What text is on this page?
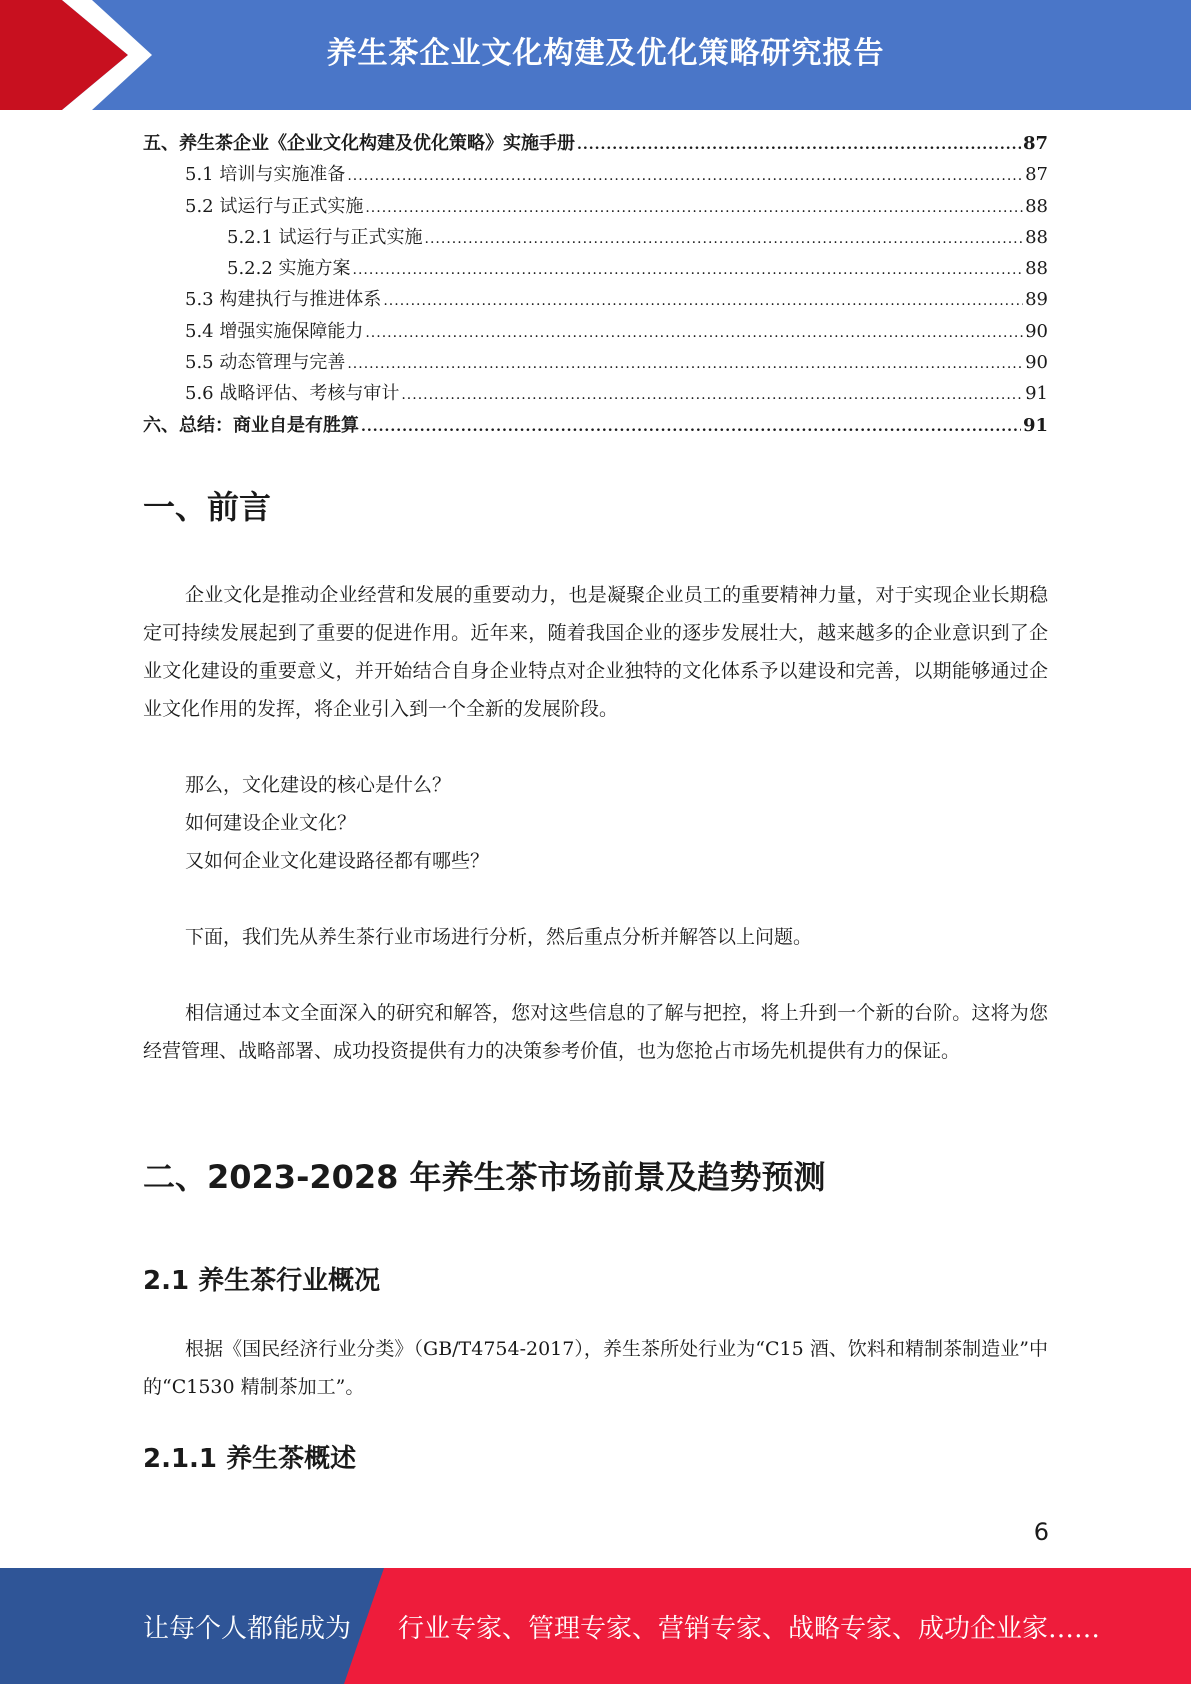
养生茶企业文化构建及优化策略研究报告
五、养生茶企业《企业文化构建及优化策略》实施手册 .....	87
5.1 培训与实施准备 .....	87
5.2 试运行与正式实施 .....	88
5.2.1 试运行与正式实施 .....	88
5.2.2 实施方案 .....	88
5.3 构建执行与推进体系 .....	89
5.4 增强实施保障能力 .....	90
5.5 动态管理与完善 .....	90
5.6 战略评估、考核与审计 .....	91
六、总结：商业自是有胜算 .....	91
一、前言

企业文化是推动企业经营和发展的重要动力，也是凝聚企业员工的重要精神力量，对于实现企业长期稳定可持续发展起到了重要的促进作用。近年来，随着我国企业的逐步发展壮大，越来越多的企业意识到了企业文化建设的重要意义，并开始结合自身企业特点对企业独特的文化体系予以建设和完善，以期能够通过企业文化作用的发挥，将企业引入到一个全新的发展阶段。

那么，文化建设的核心是什么？

如何建设企业文化？

又如何企业文化建设路径都有哪些？

下面，我们先从养生茶行业市场进行分析，然后重点分析并解答以上问题。

相信通过本文全面深入的研究和解答，您对这些信息的了解与把控，将上升到一个新的台阶。这将为您经营管理、战略部署、成功投资提供有力的决策参考价值，也为您抢占市场先机提供有力的保证。

二、2023-2028 年养生茶市场前景及趋势预测
2.1 养生茶行业概况

根据《国民经济行业分类》（GB/T4754-2017），养生茶所处行业为“C15 酒、饮料和精制茶制造业”中的“C1530 精制茶加工”。

2.1.1 养生茶概述
6
让每个人都能成为 行业专家、管理专家、营销专家、战略专家、成功企业家……
